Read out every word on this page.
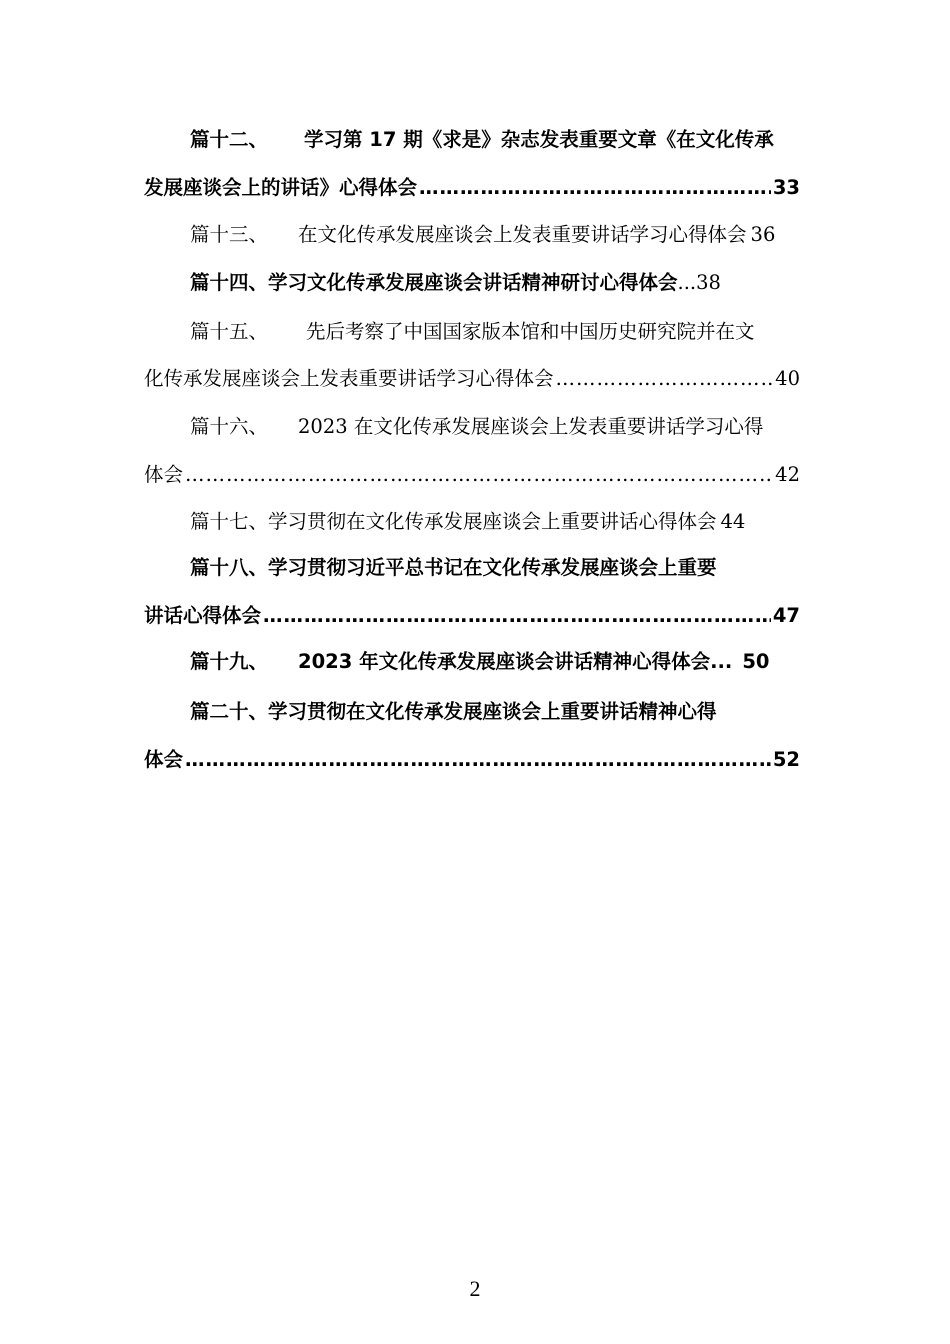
篇十二、 学习第 17 期《求是》杂志发表重要文章《在文化传承
发展座谈会上的讲话》心得体会 …………………………………………………………………………………………………………………………………………	33
篇十三、 在文化传承发展座谈会上发表重要讲话学习心得体会 36
篇十四、学习文化传承发展座谈会讲话精神研讨心得体会 ... 38
篇十五、 先后考察了中国国家版本馆和中国历史研究院并在文
化传承发展座谈会上发表重要讲话学习心得体会 …………………………………………………………………………………………………………………………………………	40
篇十六、 2023 在文化传承发展座谈会上发表重要讲话学习心得
体会 …………………………………………………………………………………………………………………………………………	42
篇十七、学习贯彻在文化传承发展座谈会上重要讲话心得体会 44
篇十八、学习贯彻习近平总书记在文化传承发展座谈会上重要
讲话心得体会 …………………………………………………………………………………………………………………………………………	47
篇十九、 2023 年文化传承发展座谈会讲话精神心得体会 ... 50
篇二十、学习贯彻在文化传承发展座谈会上重要讲话精神心得
体会 …………………………………………………………………………………………………………………………………………	52
2
